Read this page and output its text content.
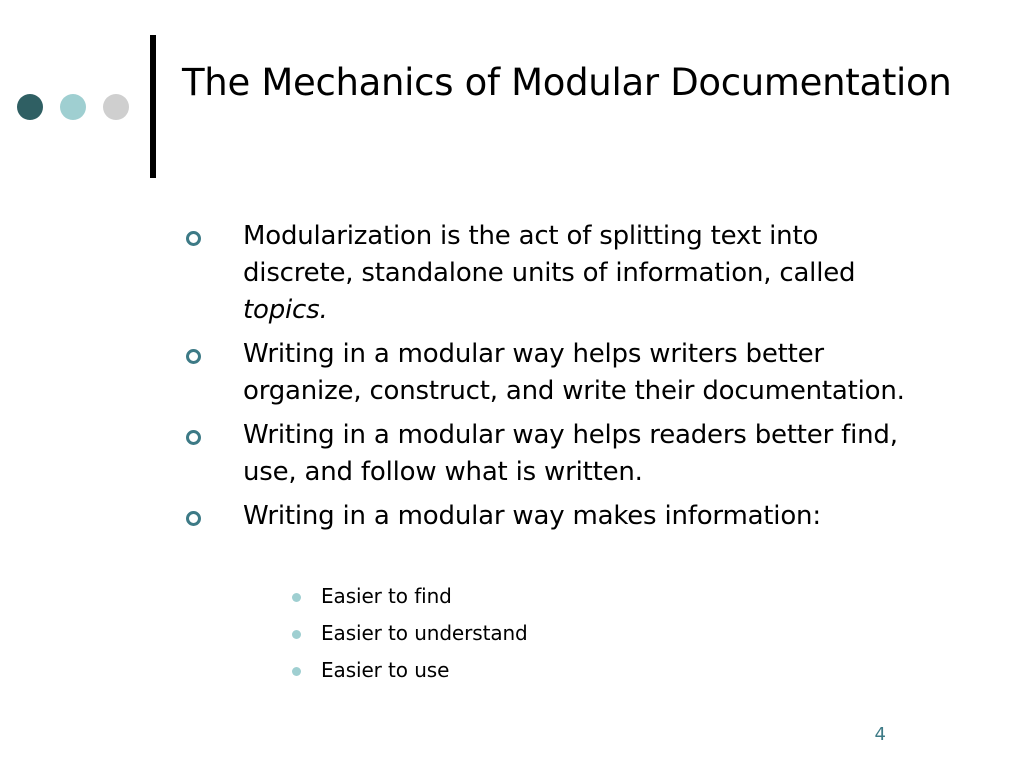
The Mechanics of Modular Documentation
Modularization is the act of splitting text into discrete, standalone units of information, called topics.
Writing in a modular way helps writers better organize, construct, and write their documentation.
Writing in a modular way helps readers better find, use, and follow what is written.
Writing in a modular way makes information:
Easier to find
Easier to understand
Easier to use
4
